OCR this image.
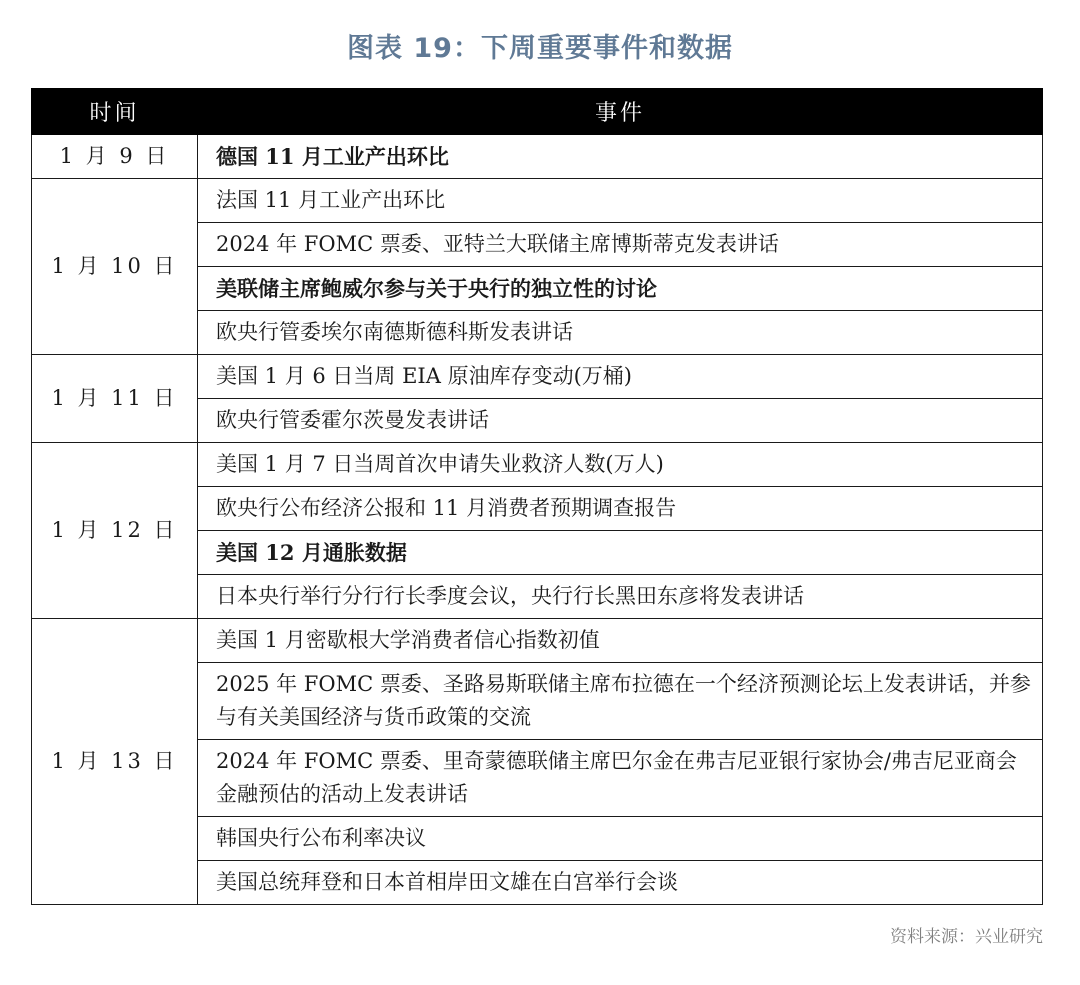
图表 19：下周重要事件和数据
时间	事件
1 月 9 日	德国 11 月工业产出环比
1 月 10 日	法国 11 月工业产出环比
	2024 年 FOMC 票委、亚特兰大联储主席博斯蒂克发表讲话
	美联储主席鲍威尔参与关于央行的独立性的讨论
	欧央行管委埃尔南德斯德科斯发表讲话
1 月 11 日	美国 1 月 6 日当周 EIA 原油库存变动(万桶)
	欧央行管委霍尔茨曼发表讲话
1 月 12 日	美国 1 月 7 日当周首次申请失业救济人数(万人)
	欧央行公布经济公报和 11 月消费者预期调查报告
	美国 12 月通胀数据
	日本央行举行分行行长季度会议，央行行长黑田东彦将发表讲话
1 月 13 日	美国 1 月密歇根大学消费者信心指数初值
	2025 年 FOMC 票委、圣路易斯联储主席布拉德在一个经济预测论坛上发表讲话，并参与有关美国经济与货币政策的交流
	2024 年 FOMC 票委、里奇蒙德联储主席巴尔金在弗吉尼亚银行家协会/弗吉尼亚商会金融预估的活动上发表讲话
	韩国央行公布利率决议
	美国总统拜登和日本首相岸田文雄在白宫举行会谈
资料来源：兴业研究
